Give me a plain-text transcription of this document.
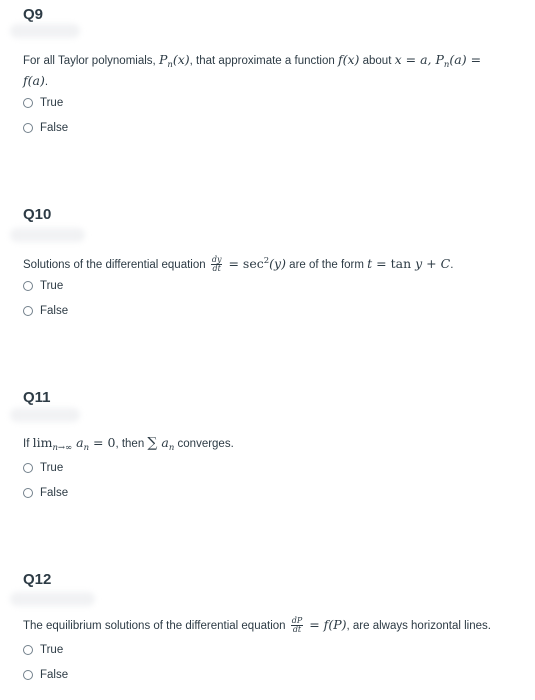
Q9

For all Taylor polynomials, $P_n(x)$, that approximate a function f(x) about x = a, $P_n(a)$ =
f(a).

True
False
Q10

Solutions of the differential equation $\frac{dy}{dt} = \sec^2(y)$ are of the form t = tan y + C.

True
False
Q11

If $\lim_{n\to\infty} a_n = 0$, then ∑ $a_n$ converges.

True
False
Q12

The equilibrium solutions of the differential equation $\frac{dP}{dt} = f(P)$, are always horizontal lines.

True
False
